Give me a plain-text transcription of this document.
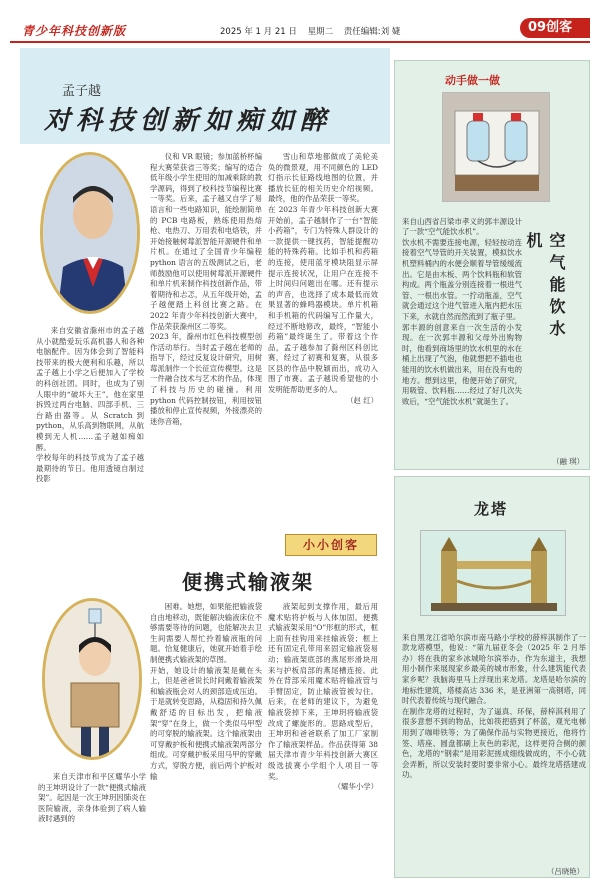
青少年科技创新版	2025 年 1 月 21 日 星期二 责任编辑:刘 婕	09创客
孟子越
对科技创新如痴如醉

来自安徽省滁州市的孟子越从小就酷爱玩乐高机器人和各种电脑配件。因为体会到了智能科技带来的极大便利和乐趣，所以孟子越上小学之后便加入了学校的科创社团。同时，也成为了别人眼中的“破坏大王”。他在家里拆毁过两台电脑、四部手机、三台路由器等。从 Scratch 到 python，从乐高到物联网，从航模到无人机……孟子越如痴如醉。
学校每年的科技节成为了孟子越最期待的节日。他用透镜自制过投影

仪和 VR 眼镜；参加蓝桥杯编程大赛荣获省三等奖；编写的适合低年级小学生使用的加减乘除的教学源码，得到了校科技节编程比赛一等奖。后来，孟子越又自学了易语言和一些电路知识，能绘制简单的 PCB 电路板，熟练使用热熔枪、电热刀、万用表和电烙铁，并开始接触树莓派智能开源硬件和单片机。在通过了全国青少年编程 python 语言的五级测试之后，老师鼓励他可以使用树莓派开源硬件和单片机来制作科技创新作品，带着期待和忐忑，从五年级开始，孟子越便踏上科创比赛之路。在 2022 年青少年科技创新大赛中，作品荣获滁州区二等奖。
2023 年，滁州市红色科技模型创作活动举行。当时孟子越在老师的指导下，经过反复设计研究，用树莓派制作一个长征宣传模型。这是一件融合技术与艺术的作品，体现了科技与历史的碰撞。利用 python 代码控制按钮，利用按钮播放和停止宣传视频，外接漂亮的迷你音箱，

雪山和草地都做成了美轮美奂的微景观，用不同颜色的 LED 灯指示长征路线地图的位置，并播放长征的相关历史介绍视频。最终，他的作品荣获一等奖。
在 2023 年青少年科技创新大赛开始前，孟子越制作了一台“智能小药箱”，专门为特殊人群设计的一款提供一键找药，智能提醒功能的特殊药箱。比如手机和药箱的连接，使用蓝牙模块阻显示屏提示连接状况，让用户在连接不上时间归问题出在哪。还有提示的声音，也选择了成本最低而效果显著的蜂鸣器模块。单片机箱和手机箱的代码编写工作量大，经过不断地修改，最终，“智能小药箱”最终诞生了。带着这个作品，孟子越参加了滁州区科创比赛，经过了初赛和复赛，从很多区县的作品中脱颖而出，成功入围了市赛。孟子越说希望他的小发明能帮助更多的人。

（赵 红）
小小创客
便携式输液架
来自天津市和平区耀华小学的王坤玥设计了一款“便携式输液架”。起因是一次王坤玥因肺炎在医院输液，亲身体验到了病人输液时遇到的

困难。她想，如果能把输液袋自由地移动，既能解决输液床位不够需要等待的问题，也能解决去卫生间需要人帮忙拎着输液瓶的问题。恰复健康后，她就开始着手绘制便携式输液架的草图。
开始，她设计的输液架是戴在头上，但是爸爸说长时间戴着输液架和输液瓶会对人的颈部造成压迫。于是就转变思路，从稳固和持久佩戴舒适的目标出发，把输液架“穿”在身上，做一个类似马甲型的可穿脱的输液架。这个输液架由可穿戴护板和便携式输液架两部分组成。可穿戴护板采用马甲的穿戴方式，穿脱方便，前后两个护板对输

液架起到支撑作用，最后用魔术贴将护板与人体加固。便携式输液架采用“O”形框的形式，框上面有挂钩用来挂输液袋；框上还有固定孔带用来固定输液袋易动；输液架底部的燕尾形滑块用来与护板肩部的燕尾槽连接。此外在背部采用魔术贴将输液管与手臂固定，防止输液管被勾住。后来，在老师的建议下，为避免输液袋掉下来，王坤玥将输液袋改成了螺旋形的。思路成型后，王坤玥和爸爸联系了加工厂家制作了输液架样品。作品获得第 38 届天津市青少年科技创新大赛区级选拔赛小学组个人项目一等奖。

（耀华小学）
动手做一做

来自山西省吕梁市孝义的郭丰源设计了一款“空气能饮水机”。
饮水机不需要连接电源，轻轻按动连接着空气导管的开关装置，模拟饮水机塑料桶内的水便会顺着导管缓缓流出。它是由木板、两个饮料瓶和软管构成。两个瓶盖分别连接着一根进气管、一根出水管。一拧动瓶盖，空气就会通过这个进气管进入瓶内把水压下来，水就自然而然流到了瓶子里。
郭丰源的创意来自一次生活的小发现。在一次郭丰源和父母外出购物时，他看到商场里的饮水机里的水在桶上出现了气泡，他就想把不插电也能用的饮水机做出来，用在没有电的地方。想到这里，他便开始了研究，用吸管、饮料瓶……经过了好几次失败后，“空气能饮水机”就诞生了。

空气能饮水机
（融 琪）
龙塔

来自黑龙江省哈尔滨市南马路小学校的薛梓淇制作了一款龙塔模型，他说：“第九届亚冬会（2025 年 2 月举办）将在我的家乡冰城哈尔滨举办，作为东道主，我想用小制作来展现家乡最美的城市形象，什么建筑能代表家乡呢？我脑海里马上浮现出来龙塔。龙塔是哈尔滨的地标性建筑，塔楼高达 336 米，是亚洲第一高钢塔，同时代表着传统与现代融合。
在制作龙塔的过程时，为了逼真、环保，薛梓淇利用了很多意想不到的物品，比如筷把搭到了杯蓝，观光电梯用到了咖啡铁等；为了确保作品与实物更接近，他将竹签、塔座、圆盘都刷上灰色的彩泥，这样更符合侧的颜色，龙塔的“钢索”是用彩泥搓成细线做成的，不小心就会弄断，所以安装时要时要非常小心。最终龙塔搭建成功。

（吕晓艳）
